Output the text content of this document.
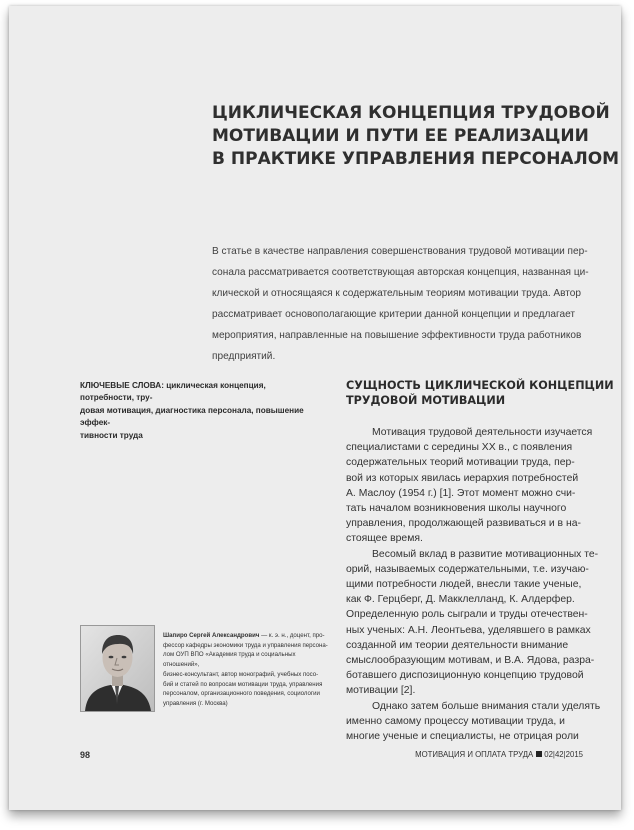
ЦИКЛИЧЕСКАЯ КОНЦЕПЦИЯ ТРУДОВОЙ
МОТИВАЦИИ И ПУТИ ЕЕ РЕАЛИЗАЦИИ
В ПРАКТИКЕ УПРАВЛЕНИЯ ПЕРСОНАЛОМ
В статье в качестве направления совершенствования трудовой мотивации пер-
сонала рассматривается соответствующая авторская концепция, названная ци-
клической и относящаяся к содержательным теориям мотивации труда. Автор
рассматривает основополагающие критерии данной концепции и предлагает
мероприятия, направленные на повышение эффективности труда работников
предприятий.
КЛЮЧЕВЫЕ СЛОВА: циклическая концепция, потребности, тру-
довая мотивация, диагностика персонала, повышение эффек-
тивности труда
Шапиро Сергей Александрович — к. э. н., доцент, про-
фессор кафедры экономики труда и управления персона-
лом ОУП ВПО «Академия труда и социальных отношений»,
бизнес-консультант, автор монографий, учебных посо-
бий и статей по вопросам мотивации труда, управления
персоналом, организационного поведения, социологии
управления (г. Москва)
СУЩНОСТЬ ЦИКЛИЧЕСКОЙ КОНЦЕПЦИИ
ТРУДОВОЙ МОТИВАЦИИ
Мотивация трудовой деятельности изучается
специалистами с середины ХХ в., с появления
содержательных теорий мотивации труда, пер-
вой из которых явилась иерархия потребностей
А. Маслоу (1954 г.) [1]. Этот момент можно счи-
тать началом возникновения школы научного
управления, продолжающей развиваться и в на-
стоящее время.
Весомый вклад в развитие мотивационных те-
орий, называемых содержательными, т.е. изучаю-
щими потребности людей, внесли такие ученые,
как Ф. Герцберг, Д. Макклелланд, К. Алдерфер.
Определенную роль сыграли и труды отечествен-
ных ученых: А.Н. Леонтьева, уделявшего в рамках
созданной им теории деятельности внимание
смыслообразующим мотивам, и В.А. Ядова, разра-
ботавшего диспозиционную концепцию трудовой
мотивации [2].
Однако затем больше внимания стали уделять
именно самому процессу мотивации труда, и
многие ученые и специалисты, не отрицая роли
98	МОТИВАЦИЯ И ОПЛАТА ТРУДА 02|42|2015
